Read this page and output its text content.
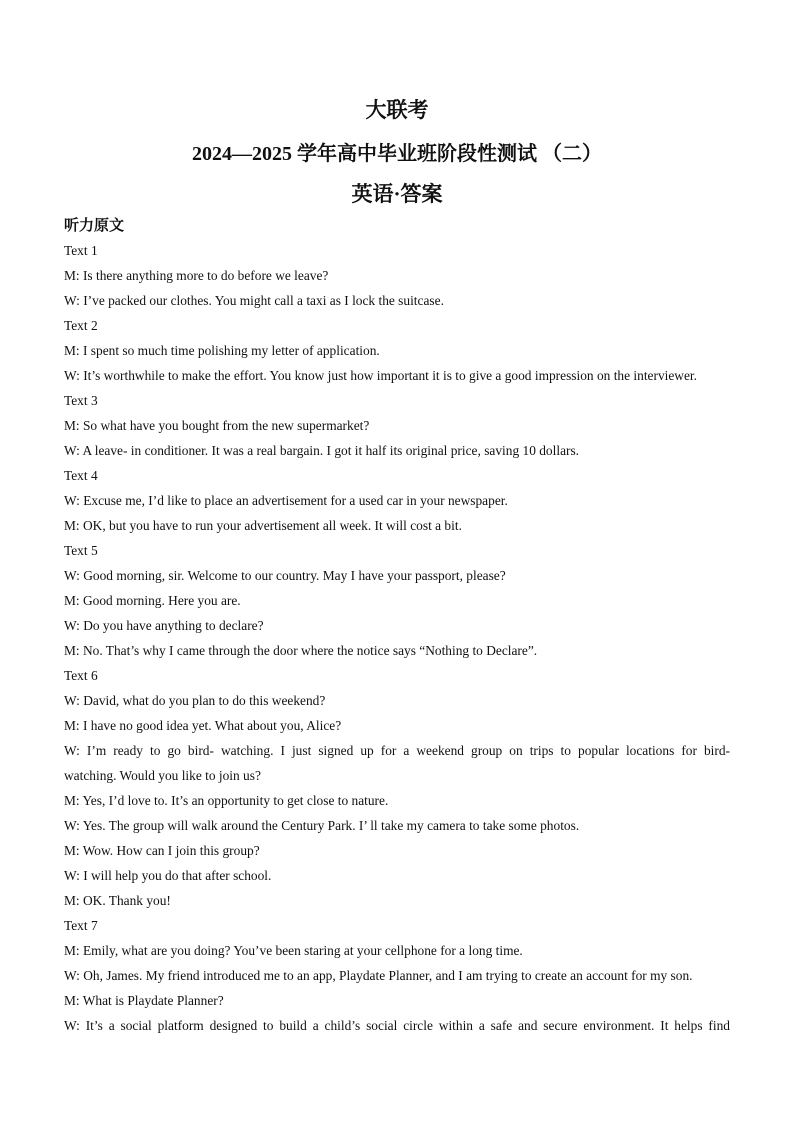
大联考
2024—2025 学年高中毕业班阶段性测试 （二）
英语·答案
听力原文
Text 1
M: Is there anything more to do before we leave?
W: I’ve packed our clothes. You might call a taxi as I lock the suitcase.
Text 2
M: I spent so much time polishing my letter of application.
W: It’s worthwhile to make the effort. You know just how important it is to give a good impression on the interviewer.
Text 3
M: So what have you bought from the new supermarket?
W: A leave- in conditioner. It was a real bargain. I got it half its original price, saving 10 dollars.
Text 4
W: Excuse me, I’d like to place an advertisement for a used car in your newspaper.
M: OK, but you have to run your advertisement all week. It will cost a bit.
Text 5
W: Good morning, sir. Welcome to our country. May I have your passport, please?
M: Good morning. Here you are.
W: Do you have anything to declare?
M: No. That’s why I came through the door where the notice says “Nothing to Declare”.
Text 6
W: David, what do you plan to do this weekend?
M: I have no good idea yet. What about you, Alice?
W: I’m ready to go bird- watching. I just signed up for a weekend group on trips to popular locations for bird-
watching. Would you like to join us?
M: Yes, I’d love to. It’s an opportunity to get close to nature.
W: Yes. The group will walk around the Century Park. I’ ll take my camera to take some photos.
M: Wow. How can I join this group?
W: I will help you do that after school.
M: OK. Thank you!
Text 7
M: Emily, what are you doing? You’ve been staring at your cellphone for a long time.
W: Oh, James. My friend introduced me to an app, Playdate Planner, and I am trying to create an account for my son.
M: What is Playdate Planner?
W: It’s a social platform designed to build a child’s social circle within a safe and secure environment. It helps find
